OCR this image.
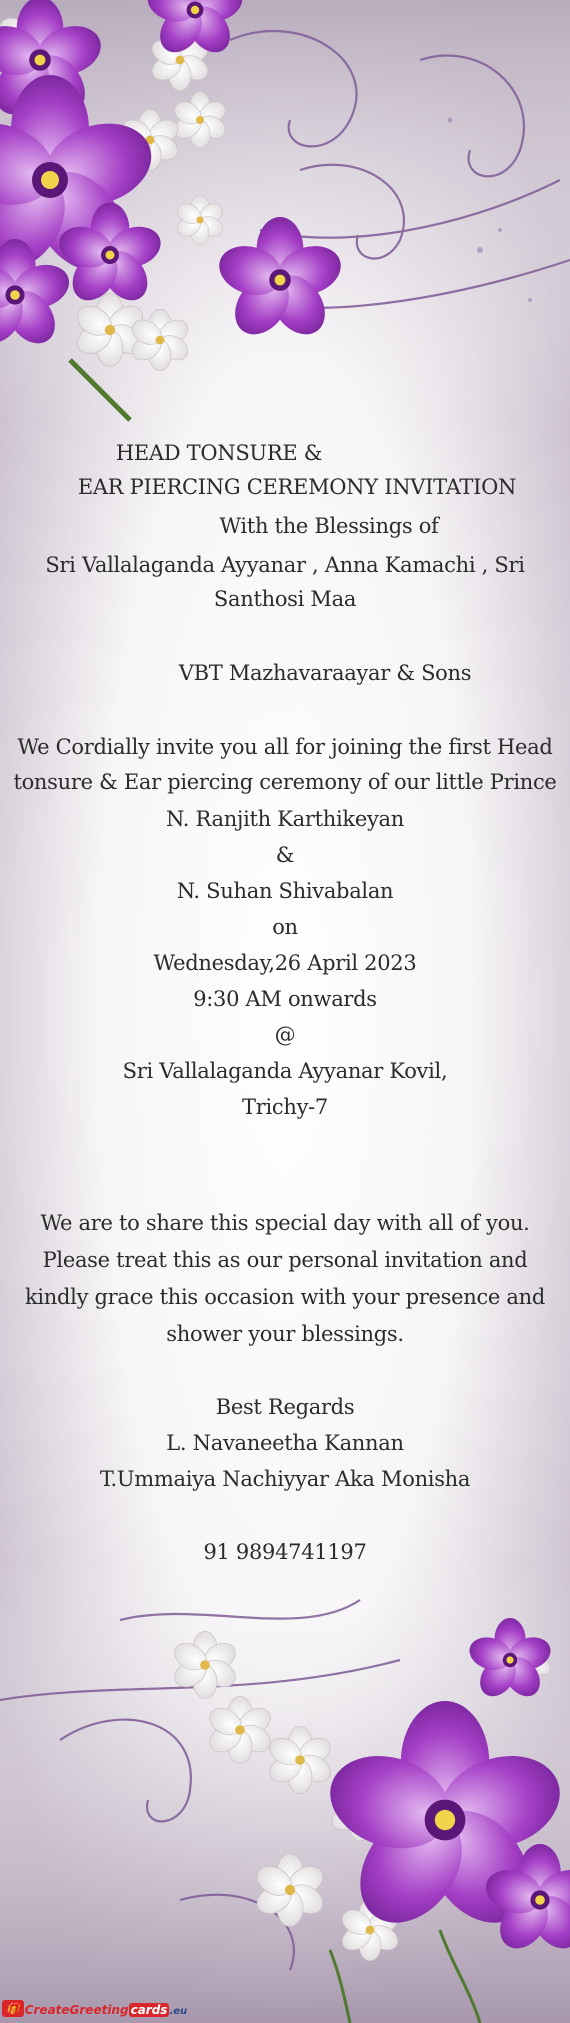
HEAD TONSURE &
EAR PIERCING CEREMONY INVITATION
With the Blessings of
Sri Vallalaganda Ayyanar , Anna Kamachi , Sri
Santhosi Maa
VBT Mazhavaraayar & Sons
We Cordially invite you all for joining the first Head
tonsure & Ear piercing ceremony of our little Prince
N. Ranjith Karthikeyan
&
N. Suhan Shivabalan
on
Wednesday,26 April 2023
9:30 AM onwards
@
Sri Vallalaganda Ayyanar Kovil,
Trichy-7
We are to share this special day with all of you.
Please treat this as our personal invitation and
kindly grace this occasion with your presence and
shower your blessings.
Best Regards
L. Navaneetha Kannan
T.Ummaiya Nachiyyar Aka Monisha
91 9894741197
🎁 CreateGreeting cards .eu
